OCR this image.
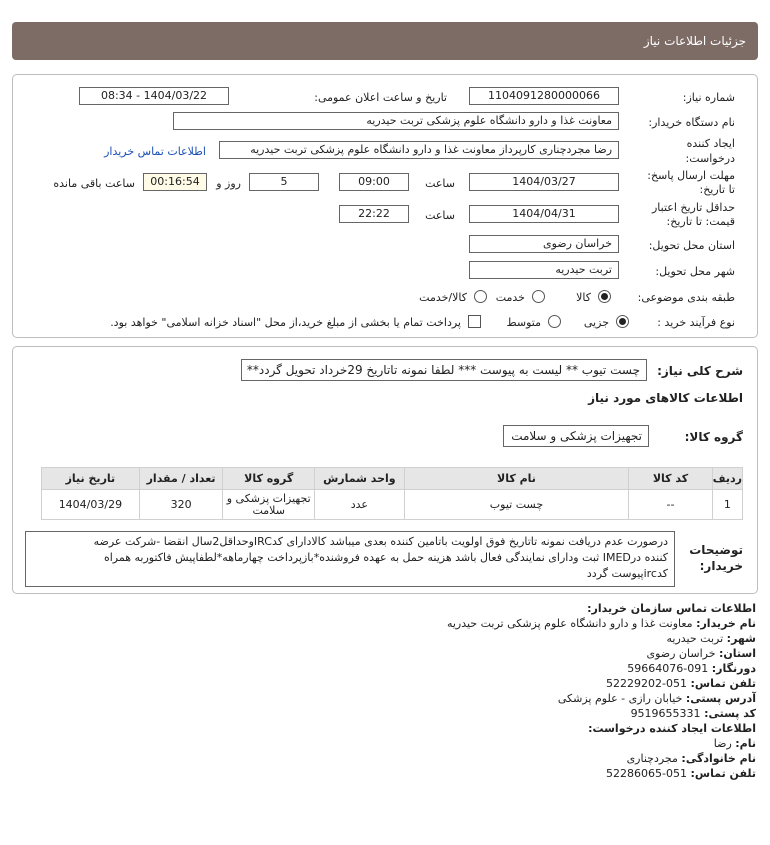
جزئیات اطلاعات نیاز
شماره نیاز:
1104091280000066
تاریخ و ساعت اعلان عمومی:
1404/03/22 - 08:34
نام دستگاه خریدار:
معاونت غذا و دارو دانشگاه علوم پزشکی تربت حیدریه
ایجاد کننده
درخواست:
رضا مجردچناری کارپرداز معاونت غذا و دارو دانشگاه علوم پزشکی تربت حیدریه
اطلاعات تماس خریدار
مهلت ارسال پاسخ:
تا تاریخ:
1404/03/27
ساعت
09:00
5
روز و
00:16:54
ساعت باقی مانده
حداقل تاریخ اعتبار
قیمت: تا تاریخ:
1404/04/31
ساعت
22:22
استان محل تحویل:
خراسان رضوی
شهر محل تحویل:
تربت حیدریه
طبقه بندی موضوعی:
کالا
خدمت
کالا/خدمت
نوع فرآیند خرید :
جزیی
متوسط
پرداخت تمام یا بخشی از مبلغ خرید،از محل "اسناد خزانه اسلامی" خواهد بود.
شرح کلی نیاز:
چست تیوب ** لیست به پیوست *** لطفا نمونه تاتاریخ 29خرداد تحویل گردد**
اطلاعات کالاهای مورد نیاز
گروه کالا:
تجهیزات پزشکی و سلامت
ردیف	کد کالا	نام کالا	واحد شمارش	گروه کالا	تعداد / مقدار	تاریخ نیاز
1	--	چست تیوب	عدد	تجهیزات پزشکی و سلامت	320	1404/03/29
توضیحات
خریدار:
درصورت عدم دریافت نمونه تاتاریخ فوق اولویت باتامین کننده بعدی میباشد کالادارای کدIRCوحداقل2سال انقضا -شرکت عرضه
کننده درIMED ثبت ودارای نمایندگی فعال باشد هزینه حمل به عهده فروشنده*بازپرداخت چهارماهه*لطفاپیش فاکتوربه همراه
کدircپیوست گردد
اطلاعات تماس سازمان خریدار:
نام خریدار: معاونت غذا و دارو دانشگاه علوم پزشکی تربت حیدریه
شهر: تربت حیدریه
استان: خراسان رضوی
دورنگار: 091-59664076
تلفن تماس: 051-52229202
آدرس پستی: خیابان رازی - علوم پزشکی
کد پستی: 9519655331
اطلاعات ایجاد کننده درخواست:
نام: رضا
نام خانوادگی: مجردچناری
تلفن تماس: 051-52286065
